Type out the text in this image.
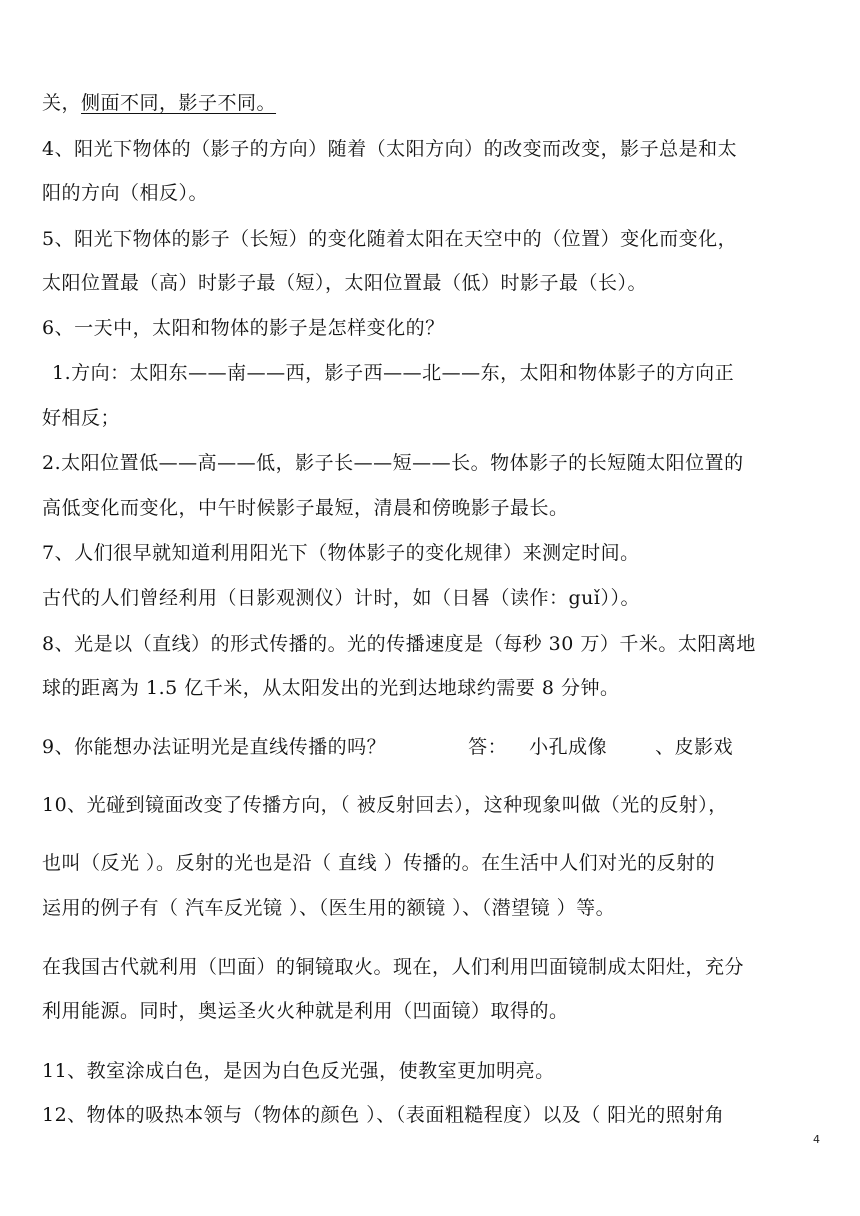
关，侧面不同，影子不同。
4、阳光下物体的（影子的方向）随着（太阳方向）的改变而改变，影子总是和太
阳的方向（相反）。
5、阳光下物体的影子（长短）的变化随着太阳在天空中的（位置）变化而变化，
太阳位置最（高）时影子最（短），太阳位置最（低）时影子最（长）。
6、一天中，太阳和物体的影子是怎样变化的？
1.方向：太阳东——南——西，影子西——北——东，太阳和物体影子的方向正
好相反；
2.太阳位置低——高——低，影子长——短——长。物体影子的长短随太阳位置的
高低变化而变化，中午时候影子最短，清晨和傍晚影子最长。
7、人们很早就知道利用阳光下（物体影子的变化规律）来测定时间。
古代的人们曾经利用（日影观测仪）计时，如（日晷（读作：guǐ））。
8、光是以（直线）的形式传播的。光的传播速度是（每秒 30 万）千米。太阳离地
球的距离为 1.5 亿千米，从太阳发出的光到达地球约需要 8 分钟。
9、你能想办法证明光是直线传播的吗？	答： 小孔成像	、皮影戏
10、光碰到镜面改变了传播方向，（ 被反射回去），这种现象叫做（光的反射），
也叫（反光 ）。反射的光也是沿（ 直线 ）传播的。在生活中人们对光的反射的
运用的例子有（ 汽车反光镜 ）、（医生用的额镜 ）、（潜望镜 ）等。
在我国古代就利用（凹面）的铜镜取火。现在，人们利用凹面镜制成太阳灶，充分
利用能源。同时，奥运圣火火种就是利用（凹面镜）取得的。
11、教室涂成白色，是因为白色反光强，使教室更加明亮。
12、物体的吸热本领与（物体的颜色 ）、（表面粗糙程度）以及（ 阳光的照射角
4
